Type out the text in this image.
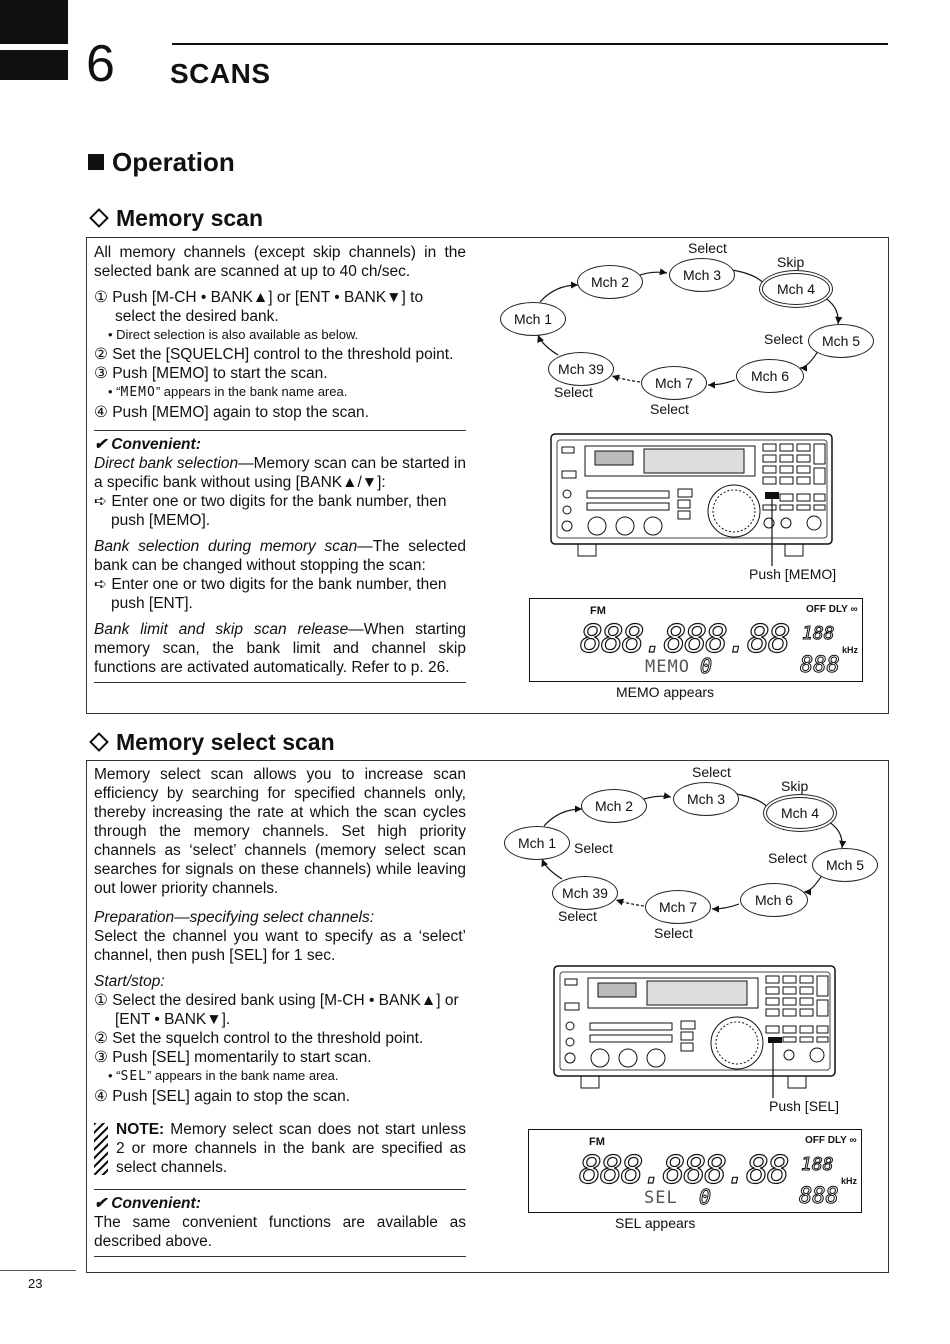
6 SCANS
Operation
Memory scan

All memory channels (except skip channels) in the selected bank are scanned at up to 40 ch/sec.

① Push [M-CH • BANK▲] or [ENT • BANK▼] to select the desired bank.
• Direct selection is also available as below.
② Set the [SQUELCH] control to the threshold point.
③ Push [MEMO] to start the scan.
• “MEMO” appears in the bank name area.
④ Push [MEMO] again to stop the scan.
✔ Convenient:

Direct bank selection—Memory scan can be started in a specific bank without using [BANK▲/▼]:

➪ Enter one or two digits for the bank number, then push [MEMO].

Bank selection during memory scan—The selected bank can be changed without stopping the scan:

➪ Enter one or two digits for the bank number, then push [ENT].

Bank limit and skip scan release—When starting memory scan, the bank limit and channel skip functions are activated automatically. Refer to p. 26.

Mch 1
Mch 2	Mch 3
Mch 4
Mch 5
Mch 6
Mch 7
Mch 39
Select
Skip
Select
Select
Select
Push [MEMO]
FM	OFF DLY ∞
888.888.88 188
kHz
MEMO 0	888
MEMO appears
Memory select scan

Memory select scan allows you to increase scan efficiency by searching for specified channels only, thereby increasing the rate at which the scan cycles through the memory channels. Set high priority channels as ‘select’ channels (memory select scan searches for signals on these channels) while leaving out lower priority channels.

Preparation—specifying select channels:

Select the channel you want to specify as a ‘select’ channel, then push [SEL] for 1 sec.

Start/stop:
① Select the desired bank using [M-CH • BANK▲] or [ENT • BANK▼].
② Set the squelch control to the threshold point.
③ Push [SEL] momentarily to start scan.
• “SEL” appears in the bank name area.
④ Push [SEL] again to stop the scan.
NOTE: Memory select scan does not start unless 2 or more channels in the bank are specified as select channels.
✔ Convenient:

The same convenient functions are available as described above.

Mch 1
Mch 2	Mch 3
Mch 4
Mch 5
Mch 6
Mch 7
Mch 39
Select
Skip
Select
Select
Select
Select
Push [SEL]
FM	OFF DLY ∞
888.888.88 188
kHz
SEL 0	888
SEL appears
23
